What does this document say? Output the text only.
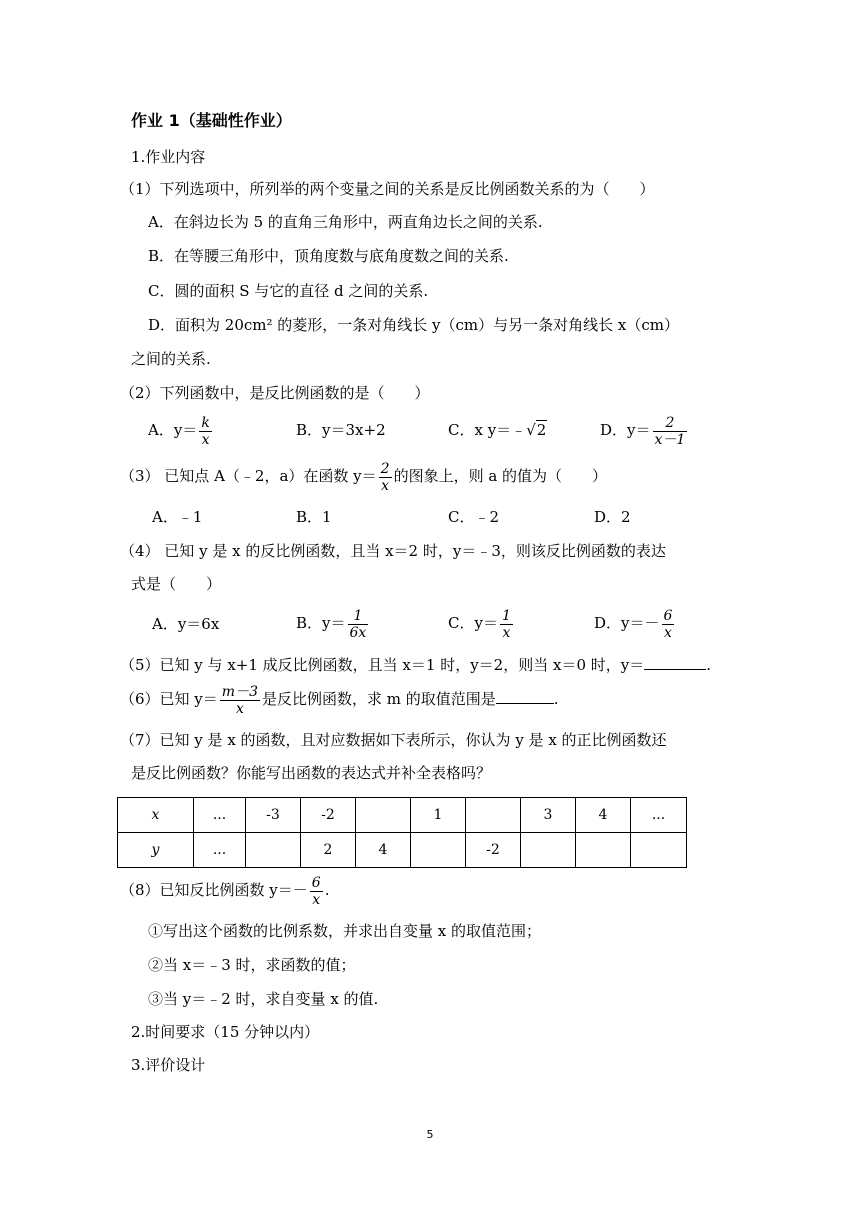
作业 1（基础性作业）
1.作业内容
（1）下列选项中，所列举的两个变量之间的关系是反比例函数关系的为（　　）
A．在斜边长为 5 的直角三角形中，两直角边长之间的关系.
B．在等腰三角形中，顶角度数与底角度数之间的关系.
C．圆的面积 S 与它的直径 d 之间的关系.
D．面积为 20cm² 的菱形，一条对角线长 y（cm）与另一条对角线长 x（cm）
之间的关系.
（2）下列函数中，是反比例函数的是（　　）
A．$y= \frac{k}{x}$	B．y＝3x+2	C．x y＝﹣√2	D．$y= \frac{2}{x-1}$
（3） 已知点 A（﹣2，a）在函数 $y= \frac{2}{x}$ 的图象上，则 a 的值为（　　）
A．﹣1	B．1	C．﹣2	D．2
（4） 已知 y 是 x 的反比例函数，且当 x＝2 时，y＝﹣3，则该反比例函数的表达
式是（　　）
A．y＝6x	B．$y= \frac{1}{6x}$	C．$y= \frac{1}{x}$	D．$y=- \frac{6}{x}$
（5）已知 y 与 x+1 成反比例函数，且当 x＝1 时，y＝2，则当 x＝0 时，y＝	.
（6）已知 $y= \frac{m-3}{x}$ 是反比例函数，求 m 的取值范围是	.
（7）已知 y 是 x 的函数，且对应数据如下表所示，你认为 y 是 x 的正比例函数还
是反比例函数？你能写出函数的表达式并补全表格吗？
x	...	-3	-2		1		3	4	...
y	...		2	4		-2			
（8）已知反比例函数 $y=- \frac{6}{x}$ .
①写出这个函数的比例系数，并求出自变量 x 的取值范围；
②当 x＝﹣3 时，求函数的值；
③当 y＝﹣2 时，求自变量 x 的值.
2.时间要求（15 分钟以内）
3.评价设计
5
